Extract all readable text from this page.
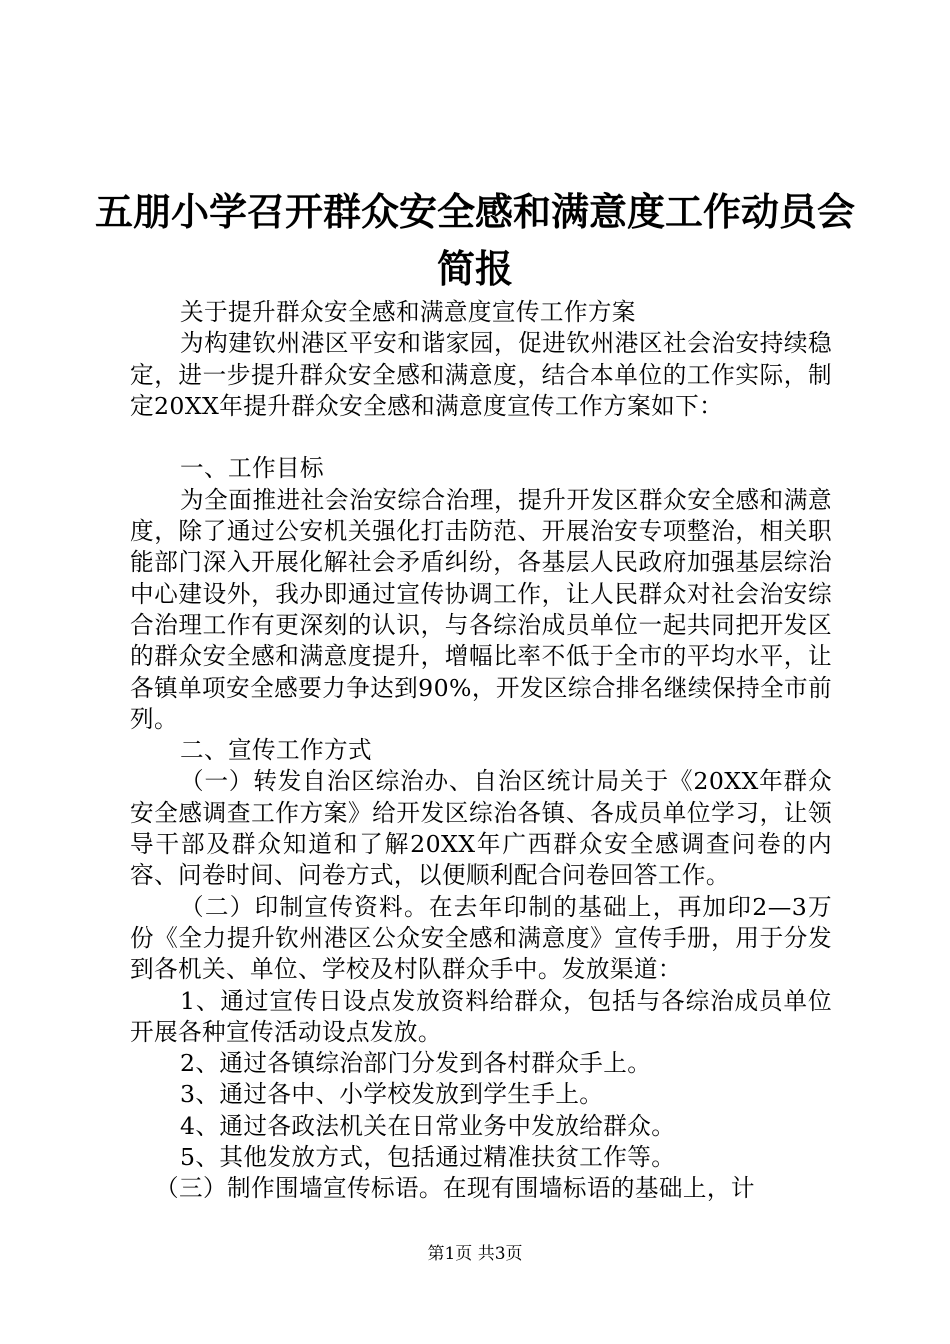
五朋小学召开群众安全感和满意度工作动员会
简报

关于提升群众安全感和满意度宣传工作方案

为构建钦州港区平安和谐家园，促进钦州港区社会治安持续稳定，进一步提升群众安全感和满意度，结合本单位的工作实际，制定20XX年提升群众安全感和满意度宣传工作方案如下：

一、工作目标

为全面推进社会治安综合治理，提升开发区群众安全感和满意度，除了通过公安机关强化打击防范、开展治安专项整治，相关职能部门深入开展化解社会矛盾纠纷，各基层人民政府加强基层综治中心建设外，我办即通过宣传协调工作，让人民群众对社会治安综合治理工作有更深刻的认识，与各综治成员单位一起共同把开发区的群众安全感和满意度提升，增幅比率不低于全市的平均水平，让各镇单项安全感要力争达到90%，开发区综合排名继续保持全市前列。

二、宣传工作方式

（一）转发自治区综治办、自治区统计局关于《20XX年群众安全感调查工作方案》给开发区综治各镇、各成员单位学习，让领导干部及群众知道和了解20XX年广西群众安全感调查问卷的内容、问卷时间、问卷方式，以便顺利配合问卷回答工作。

（二）印制宣传资料。在去年印制的基础上，再加印2—3万份《全力提升钦州港区公众安全感和满意度》宣传手册，用于分发到各机关、单位、学校及村队群众手中。发放渠道：

1、通过宣传日设点发放资料给群众，包括与各综治成员单位开展各种宣传活动设点发放。

2、通过各镇综治部门分发到各村群众手上。

3、通过各中、小学校发放到学生手上。

4、通过各政法机关在日常业务中发放给群众。

5、其他发放方式，包括通过精准扶贫工作等。

（三）制作围墙宣传标语。在现有围墙标语的基础上，计

第1页 共3页
